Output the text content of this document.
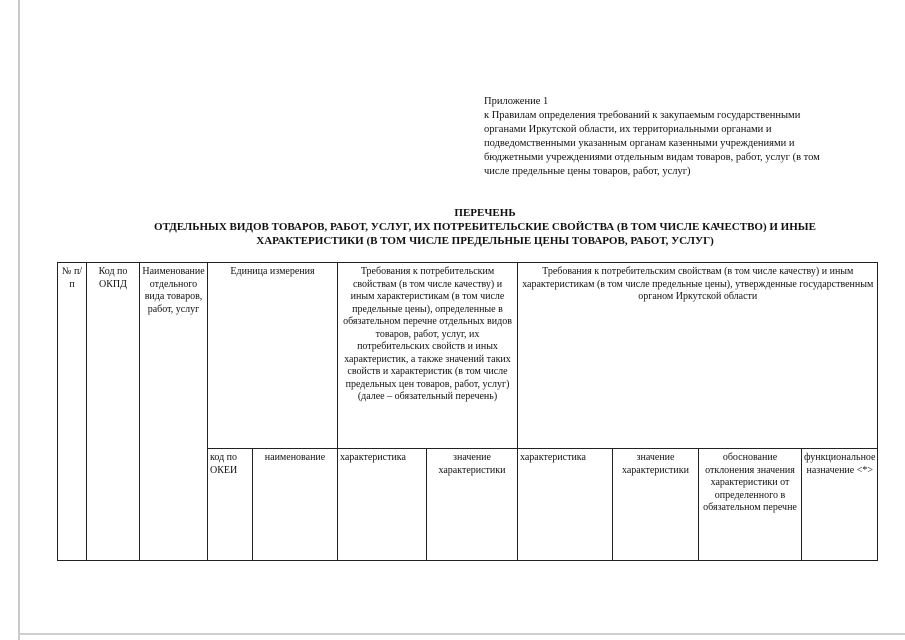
Приложение 1
к Правилам определения требований к закупаемым государственными
органами Иркутской области, их территориальными органами и
подведомственными указанным органам казенными учреждениями и
бюджетными учреждениями отдельным видам товаров, работ, услуг (в том
числе предельные цены товаров, работ, услуг)
ПЕРЕЧЕНЬ
ОТДЕЛЬНЫХ ВИДОВ ТОВАРОВ, РАБОТ, УСЛУГ, ИХ ПОТРЕБИТЕЛЬСКИЕ СВОЙСТВА (В ТОМ ЧИСЛЕ КАЧЕСТВО) И ИНЫЕ
ХАРАКТЕРИСТИКИ (В ТОМ ЧИСЛЕ ПРЕДЕЛЬНЫЕ ЦЕНЫ ТОВАРОВ, РАБОТ, УСЛУГ)
№ п/п	Код по ОКПД	Наименование отдельного вида товаров, работ, услуг	Единица измерения		Требования к потребительским свойствам (в том числе качеству) и иным характеристикам (в том числе предельные цены), определенные в обязательном перечне отдельных видов товаров, работ, услуг, их потребительских свойств и иных характеристик, а также значений таких свойств и характеристик (в том числе предельных цен товаров, работ, услуг) (далее – обязательный перечень)		Требования к потребительским свойствам (в том числе качеству) и иным характеристикам (в том числе предельные цены), утвержденные государственным органом Иркутской области			
			код по ОКЕИ	наименование	характеристика	значение характеристики	характеристика	значение характеристики	обоснование отклонения значения характеристики от определенного в обязательном перечне	функциональное назначение <*>
